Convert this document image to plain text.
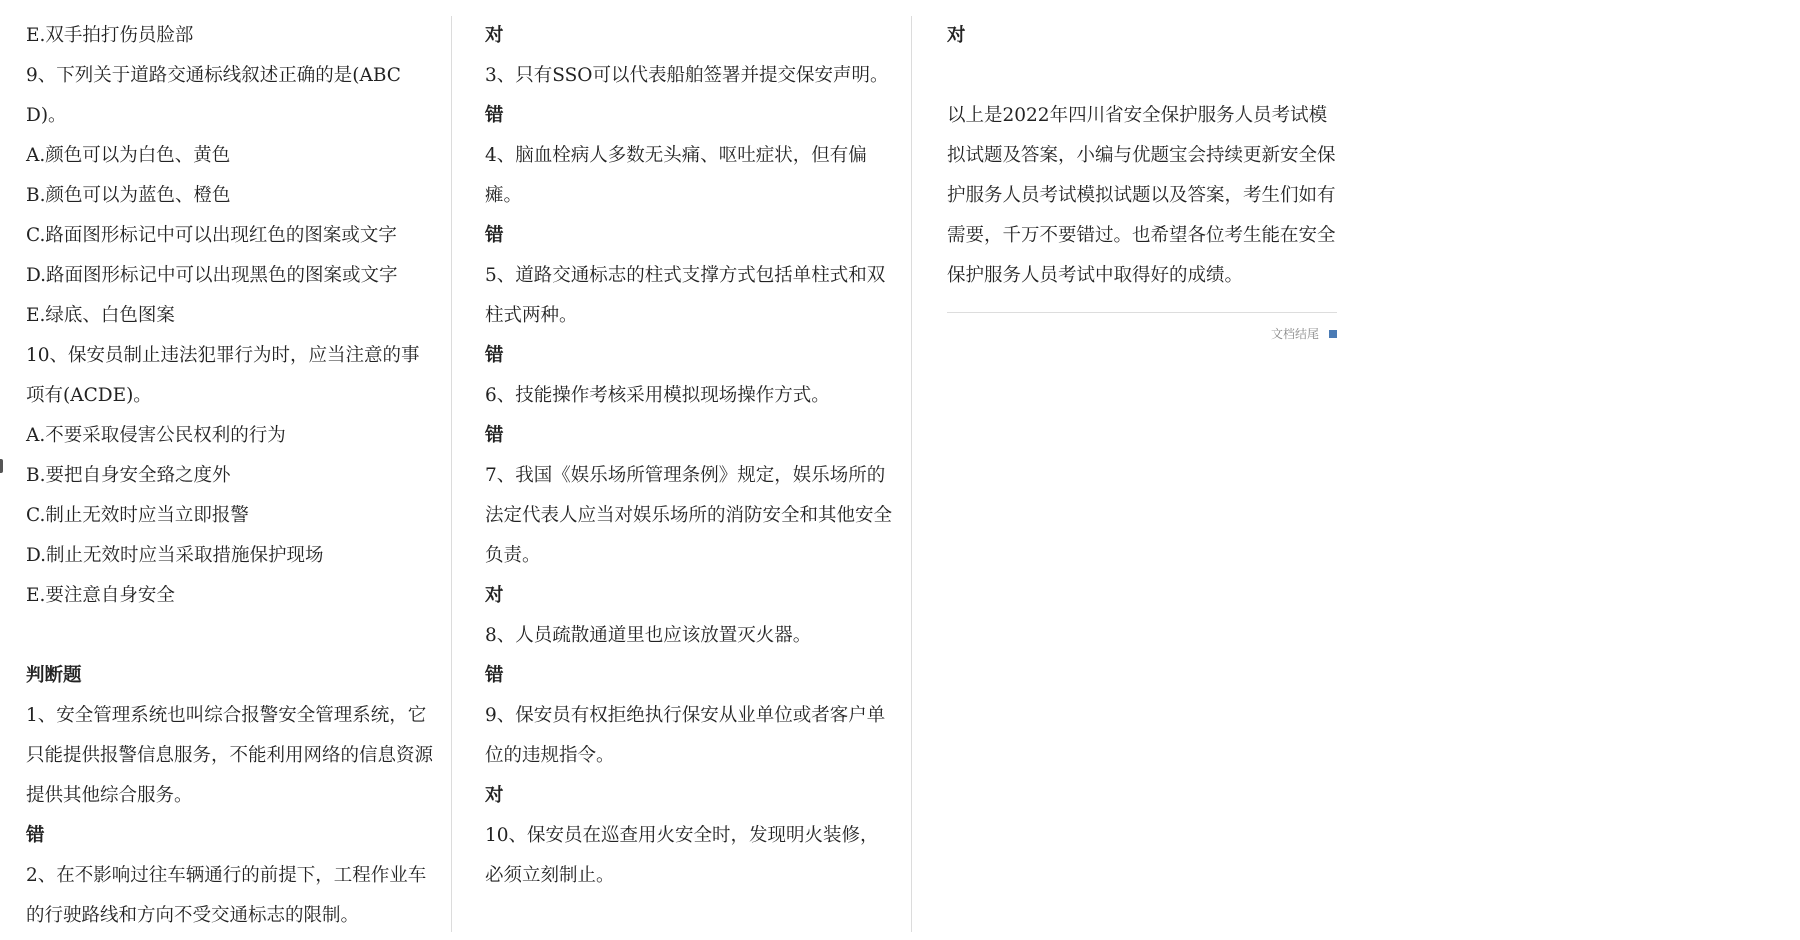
E.双手拍打伤员脸部

9、下列关于道路交通标线叙述正确的是(ABCD)。

A.颜色可以为白色、黄色

B.颜色可以为蓝色、橙色

C.路面图形标记中可以出现红色的图案或文字

D.路面图形标记中可以出现黑色的图案或文字

E.绿底、白色图案

10、保安员制止违法犯罪行为时，应当注意的事项有(ACDE)。

A.不要采取侵害公民权利的行为

B.要把自身安全臵之度外

C.制止无效时应当立即报警

D.制止无效时应当采取措施保护现场

E.要注意自身安全

判断题

1、安全管理系统也叫综合报警安全管理系统，它只能提供报警信息服务，不能利用网络的信息资源提供其他综合服务。

错

2、在不影响过往车辆通行的前提下，工程作业车的行驶路线和方向不受交通标志的限制。

对

3、只有SSO可以代表船舶签署并提交保安声明。

错

4、脑血栓病人多数无头痛、呕吐症状，但有偏瘫。

错

5、道路交通标志的柱式支撑方式包括单柱式和双柱式两种。

错

6、技能操作考核采用模拟现场操作方式。

错

7、我国《娱乐场所管理条例》规定，娱乐场所的法定代表人应当对娱乐场所的消防安全和其他安全负责。

对

8、人员疏散通道里也应该放置灭火器。

错

9、保安员有权拒绝执行保安从业单位或者客户单位的违规指令。

对

10、保安员在巡查用火安全时，发现明火装修，必须立刻制止。

对

以上是2022年四川省安全保护服务人员考试模拟试题及答案，小编与优题宝会持续更新安全保护服务人员考试模拟试题以及答案，考生们如有需要，千万不要错过。也希望各位考生能在安全保护服务人员考试中取得好的成绩。

文档结尾
